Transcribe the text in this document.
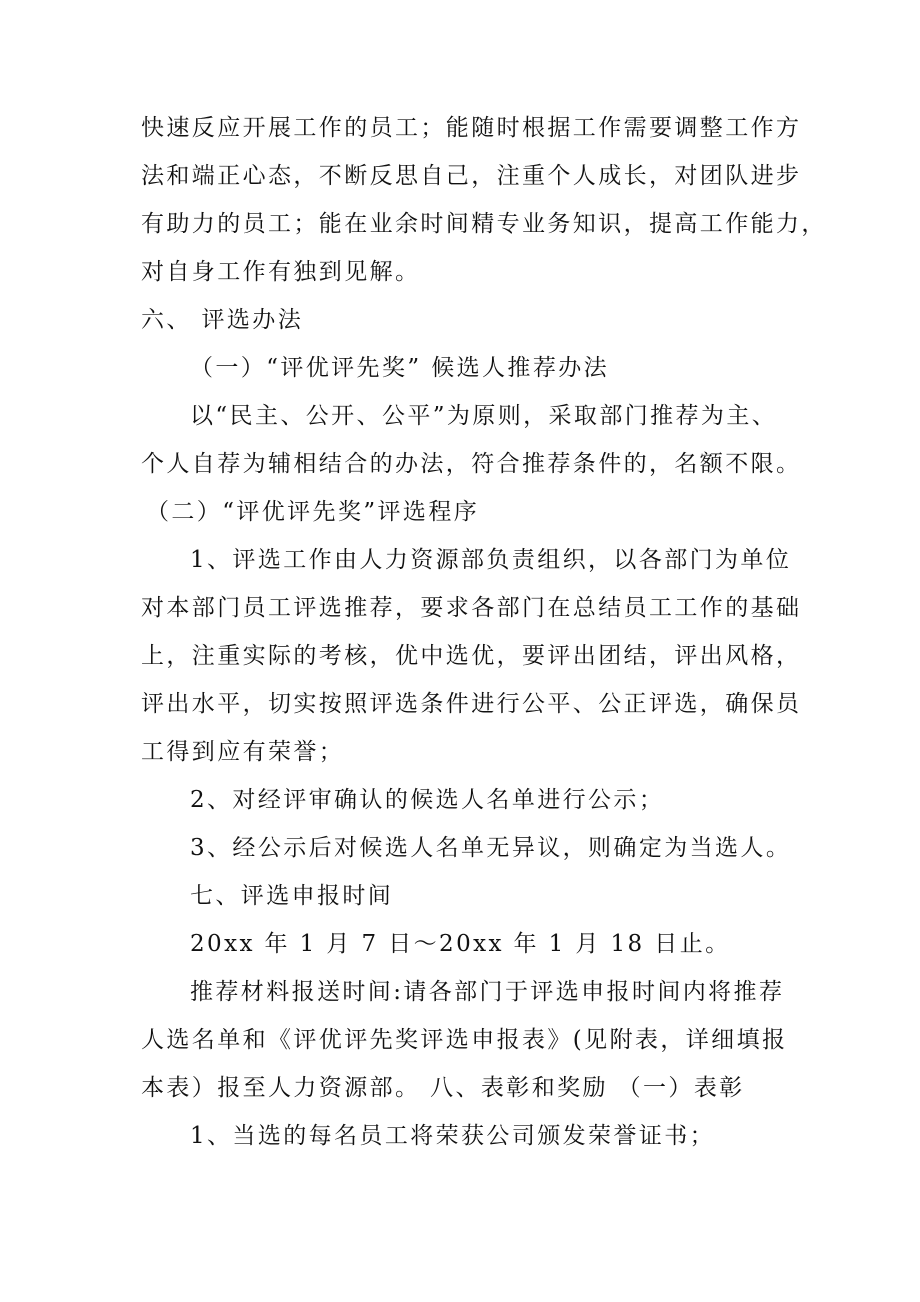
快速反应开展工作的员工；能随时根据工作需要调整工作方
法和端正心态，不断反思自己，注重个人成长，对团队进步
有助力的员工；能在业余时间精专业务知识，提高工作能力，
对自身工作有独到见解。
六、 评选办法
（一）“评优评先奖” 候选人推荐办法
以“民主、公开、公平”为原则，采取部门推荐为主、
个人自荐为辅相结合的办法，符合推荐条件的，名额不限。
（二）“评优评先奖”评选程序
1、评选工作由人力资源部负责组织，以各部门为单位
对本部门员工评选推荐，要求各部门在总结员工工作的基础
上，注重实际的考核，优中选优，要评出团结，评出风格，
评出水平，切实按照评选条件进行公平、公正评选，确保员
工得到应有荣誉；
2、对经评审确认的候选人名单进行公示；
3、经公示后对候选人名单无异议，则确定为当选人。
七、评选申报时间
20xx 年 1 月 7 日～20xx 年 1 月 18 日止。
推荐材料报送时间:请各部门于评选申报时间内将推荐
人选名单和《评优评先奖评选申报表》(见附表，详细填报
本表）报至人力资源部。 八、表彰和奖励 （一）表彰
1、当选的每名员工将荣获公司颁发荣誉证书；
